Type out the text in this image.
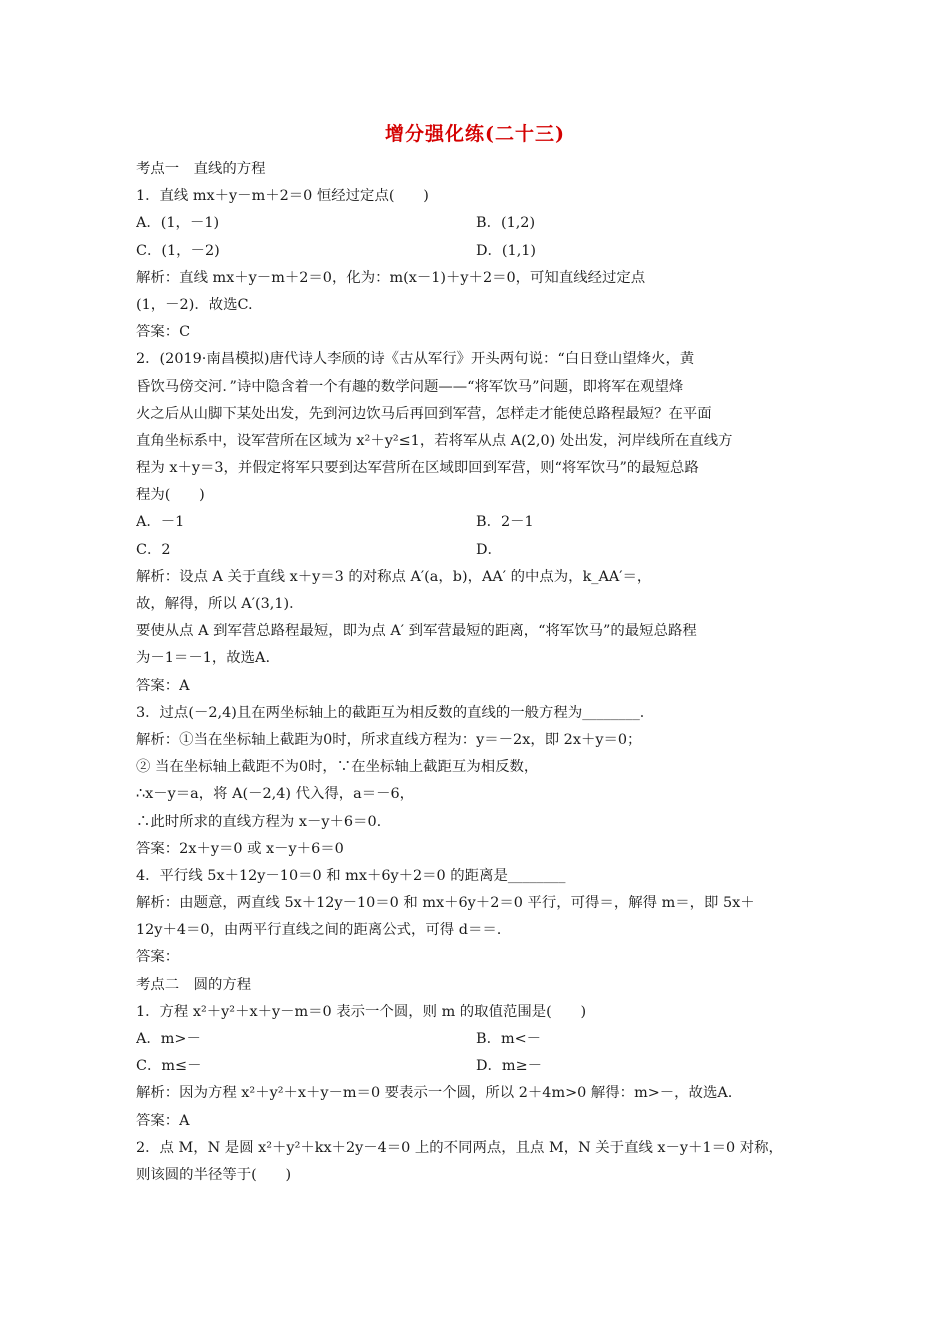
增分强化练(二十三)
考点一　直线的方程
1．直线 mx＋y－m＋2＝0 恒经过定点(　　)
A．(1，－1)	B．(1,2)
C．(1，－2)	D．(1,1)
解析：直线 mx＋y－m＋2＝0，化为：m(x－1)＋y＋2＝0，可知直线经过定点
(1，－2)．故选C.
答案：C
2．(2019·南昌模拟)唐代诗人李颀的诗《古从军行》开头两句说：“白日登山望烽火，黄
昏饮马傍交河．”诗中隐含着一个有趣的数学问题——“将军饮马”问题，即将军在观望烽
火之后从山脚下某处出发，先到河边饮马后再回到军营，怎样走才能使总路程最短？在平面
直角坐标系中，设军营所在区域为 x²＋y²≤1，若将军从点 A(2,0) 处出发，河岸线所在直线方
程为 x＋y＝3，并假定将军只要到达军营所在区域即回到军营，则“将军饮马”的最短总路
程为(　　)
A．－1	B．2－1
C．2	D．
解析：设点 A 关于直线 x＋y＝3 的对称点 A′(a，b)，AA′ 的中点为，k_AA′＝，
故，解得，所以 A′(3,1)．
要使从点 A 到军营总路程最短，即为点 A′ 到军营最短的距离，“将军饮马”的最短总路程
为－1＝－1，故选A.
答案：A
3．过点(－2,4)且在两坐标轴上的截距互为相反数的直线的一般方程为________．
解析：①当在坐标轴上截距为0时，所求直线方程为：y＝－2x，即 2x＋y＝0；
② 当在坐标轴上截距不为0时，∵在坐标轴上截距互为相反数，
∴x－y＝a，将 A(－2,4) 代入得，a＝－6，
∴此时所求的直线方程为 x－y＋6＝0.
答案：2x＋y＝0 或 x－y＋6＝0
4．平行线 5x＋12y－10＝0 和 mx＋6y＋2＝0 的距离是________
解析：由题意，两直线 5x＋12y－10＝0 和 mx＋6y＋2＝0 平行，可得＝，解得 m＝，即 5x＋
12y＋4＝0，由两平行直线之间的距离公式，可得 d＝＝.
答案：
考点二　圆的方程
1．方程 x²＋y²＋x＋y－m＝0 表示一个圆，则 m 的取值范围是(　　)
A．m>－	B．m<－
C．m≤－	D．m≥－
解析：因为方程 x²＋y²＋x＋y－m＝0 要表示一个圆，所以 2＋4m>0 解得：m>－，故选A.
答案：A
2．点 M，N 是圆 x²＋y²＋kx＋2y－4＝0 上的不同两点，且点 M，N 关于直线 x－y＋1＝0 对称，
则该圆的半径等于(　　)
